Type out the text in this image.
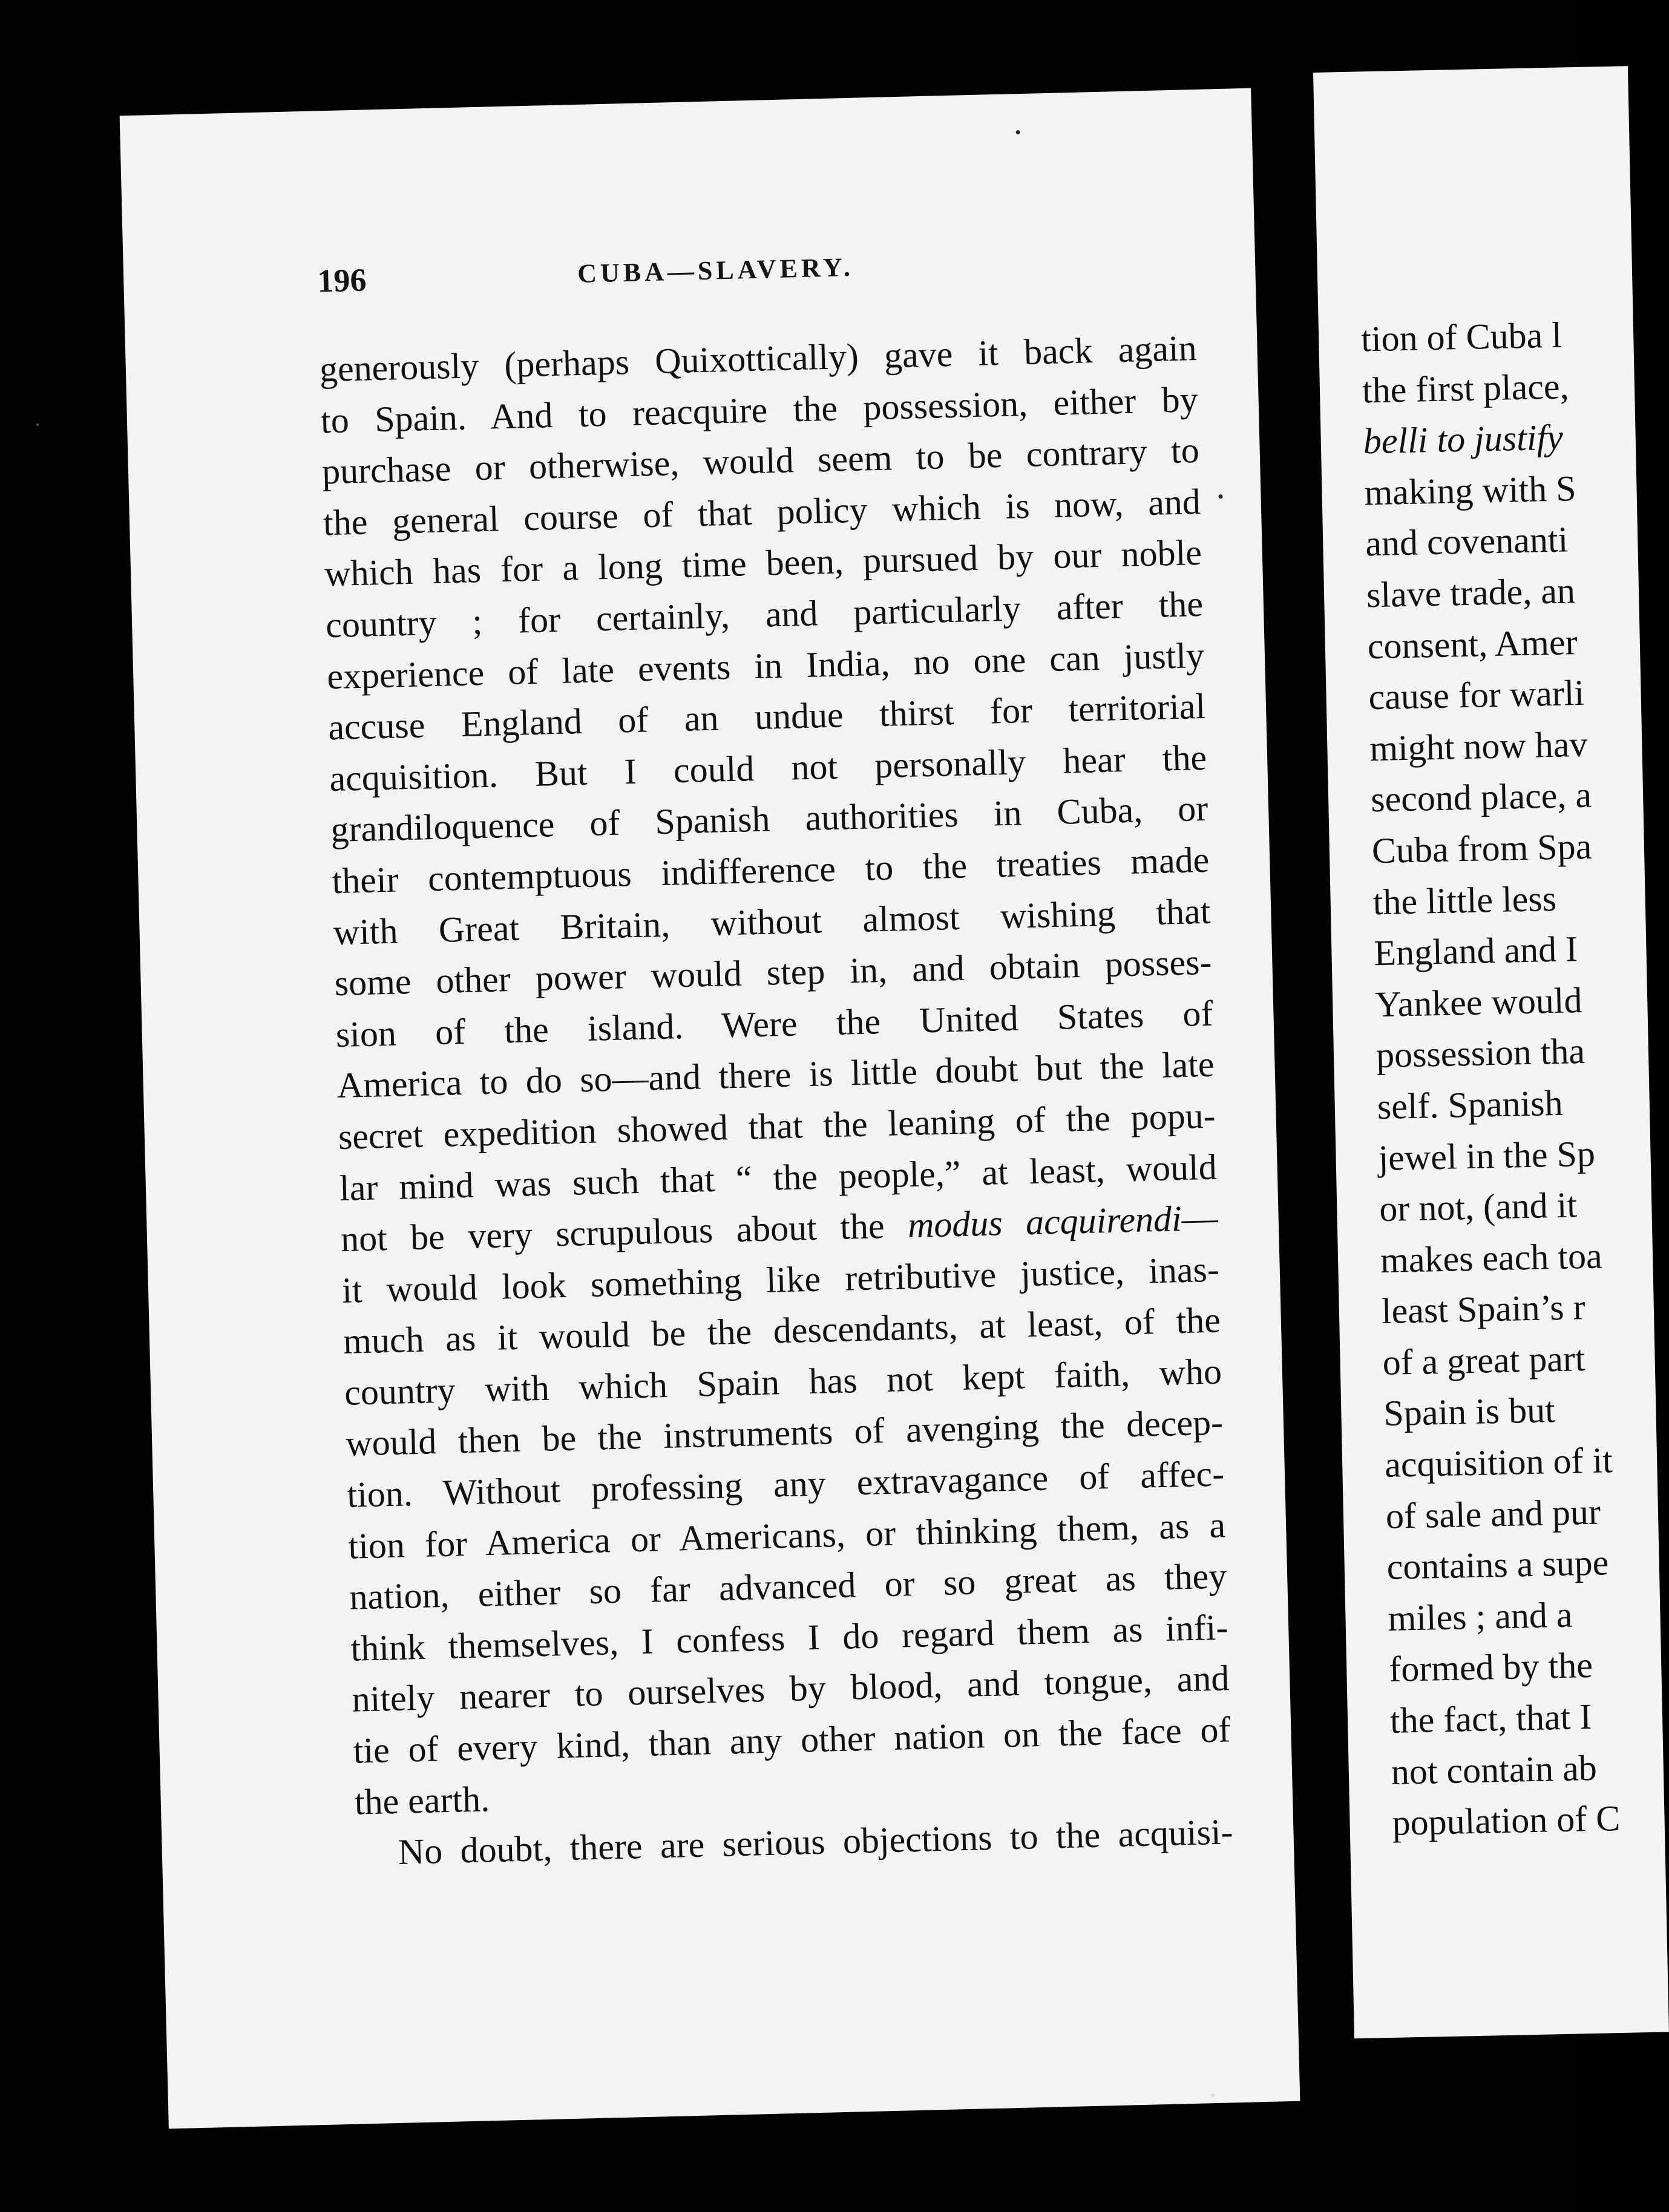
196	CUBA—SLAVERY.
generously (perhaps Quixottically) gave it back again
to Spain. And to reacquire the possession, either by
purchase or otherwise, would seem to be contrary to
the general course of that policy which is now, and
which has for a long time been, pursued by our noble
country ; for certainly, and particularly after the
experience of late events in India, no one can justly
accuse England of an undue thirst for territorial
acquisition. But I could not personally hear the
grandiloquence of Spanish authorities in Cuba, or
their contemptuous indifference to the treaties made
with Great Britain, without almost wishing that
some other power would step in, and obtain posses-
sion of the island. Were the United States of
America to do so—and there is little doubt but the late
secret expedition showed that the leaning of the popu-
lar mind was such that “ the people,” at least, would
not be very scrupulous about the modus acquirendi—
it would look something like retributive justice, inas-
much as it would be the descendants, at least, of the
country with which Spain has not kept faith, who
would then be the instruments of avenging the decep-
tion. Without professing any extravagance of affec-
tion for America or Americans, or thinking them, as a
nation, either so far advanced or so great as they
think themselves, I confess I do regard them as infi-
nitely nearer to ourselves by blood, and tongue, and
tie of every kind, than any other nation on the face of
the earth.
No doubt, there are serious objections to the acquisi-
tion of Cuba l
the first place,
belli to justify
making with S
and covenanti
slave trade, an
consent, Amer
cause for warli
might now hav
second place, a
Cuba from Spa
the little less
England and I
Yankee would
possession tha
self. Spanish
jewel in the Sp
or not, (and it
makes each toa
least Spain’s r
of a great part
Spain is but
acquisition of it
of sale and pur
contains a supe
miles ; and a
formed by the
the fact, that I
not contain ab
population of C
